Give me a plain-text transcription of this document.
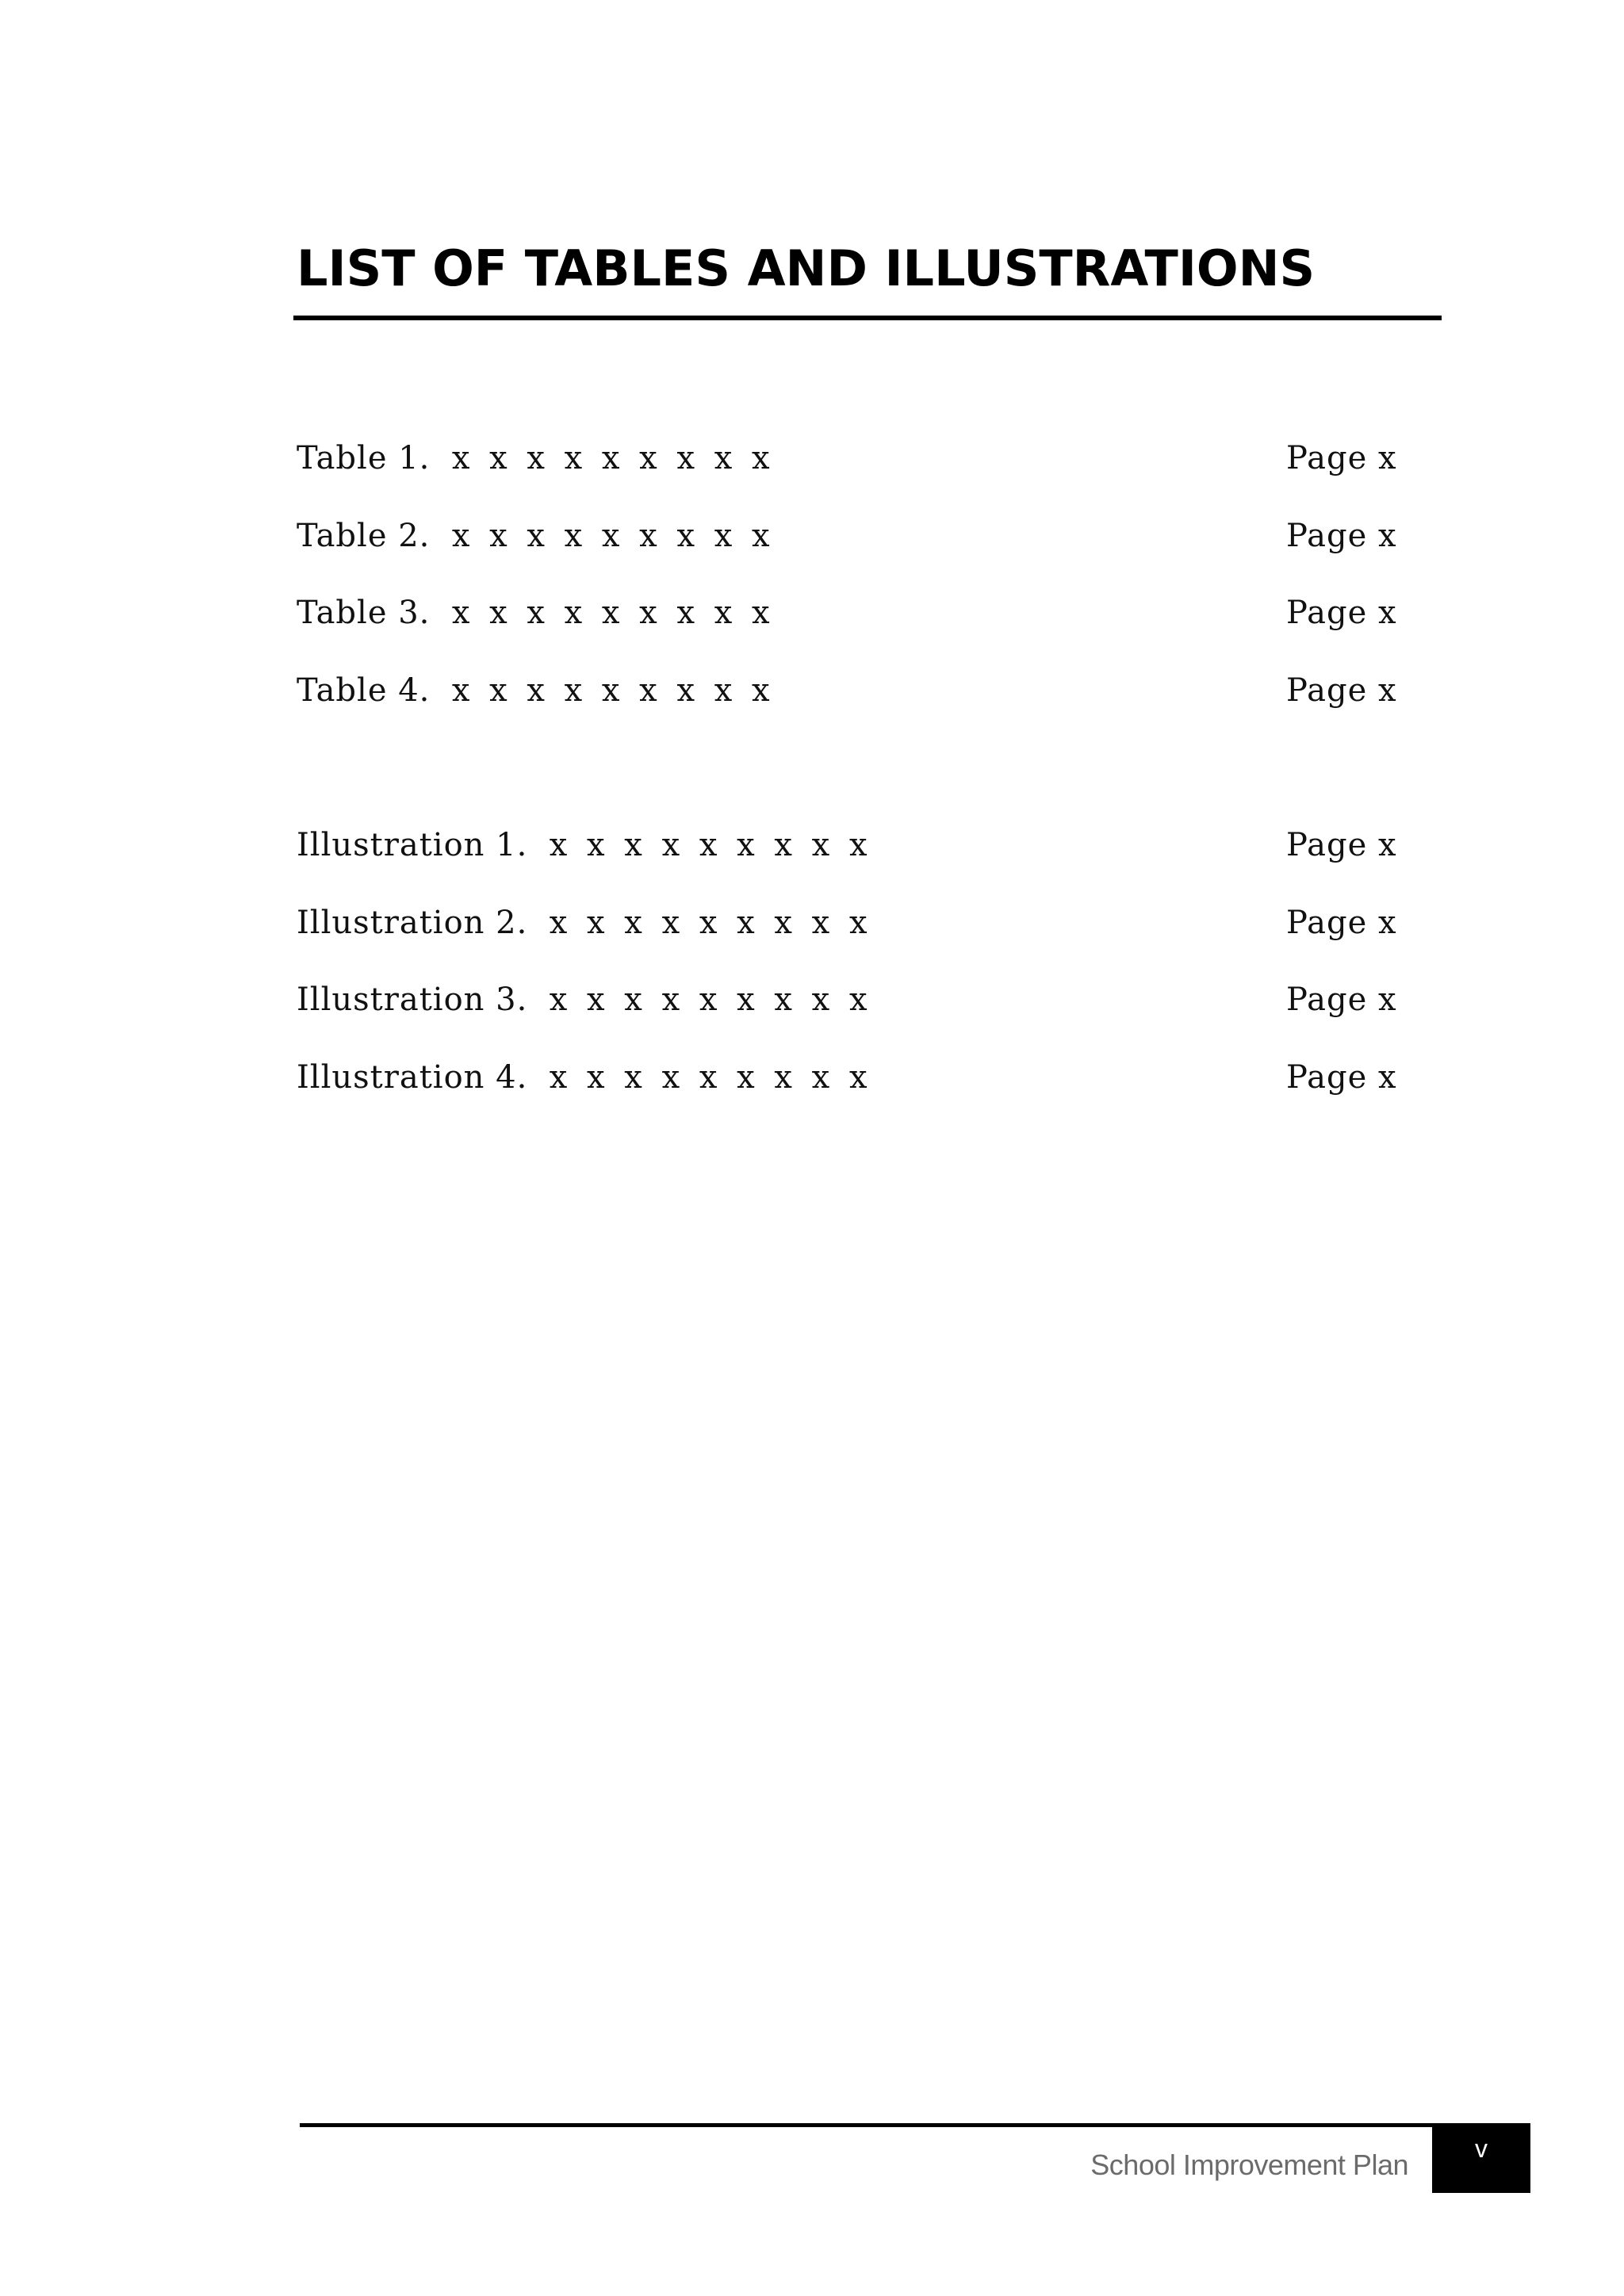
LIST OF TABLES AND ILLUSTRATIONS
Table 1. x x x x x x x x x	Page x
Table 2. x x x x x x x x x	Page x
Table 3. x x x x x x x x x	Page x
Table 4. x x x x x x x x x	Page x
Illustration 1. x x x x x x x x x	Page x
Illustration 2. x x x x x x x x x	Page x
Illustration 3. x x x x x x x x x	Page x
Illustration 4. x x x x x x x x x	Page x
School Improvement Plan	v
